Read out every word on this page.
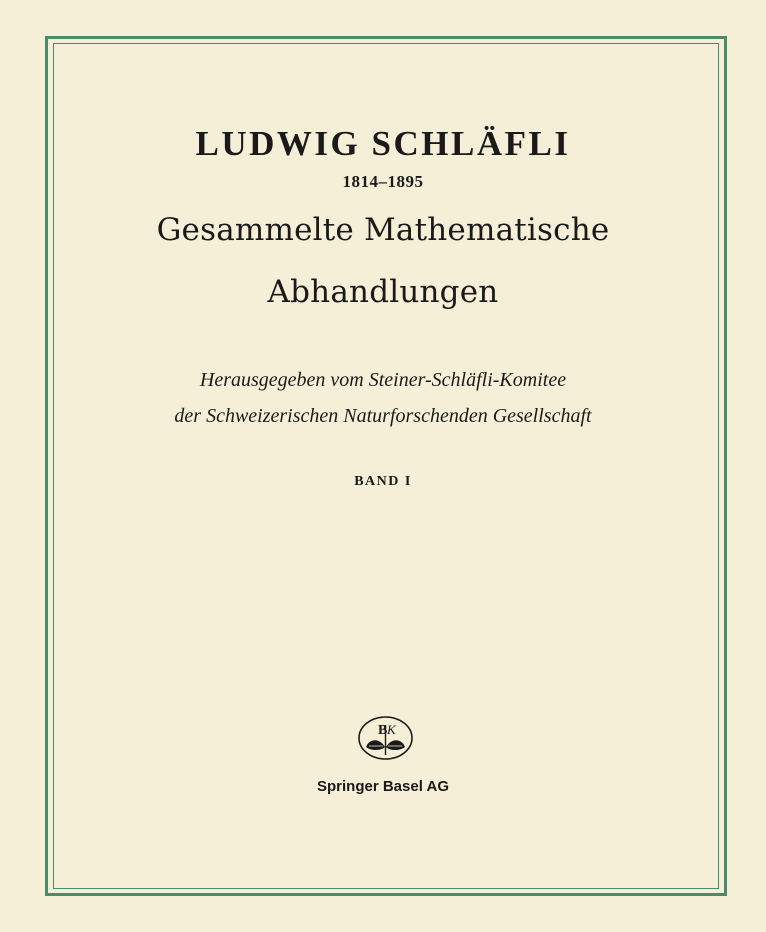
LUDWIG SCHLÄFLI
1814–1895
Gesammelte Mathematische
Abhandlungen
Herausgegeben vom Steiner-Schläfli-Komitee
der Schweizerischen Naturforschenden Gesellschaft
BAND I
B K
Springer Basel AG
